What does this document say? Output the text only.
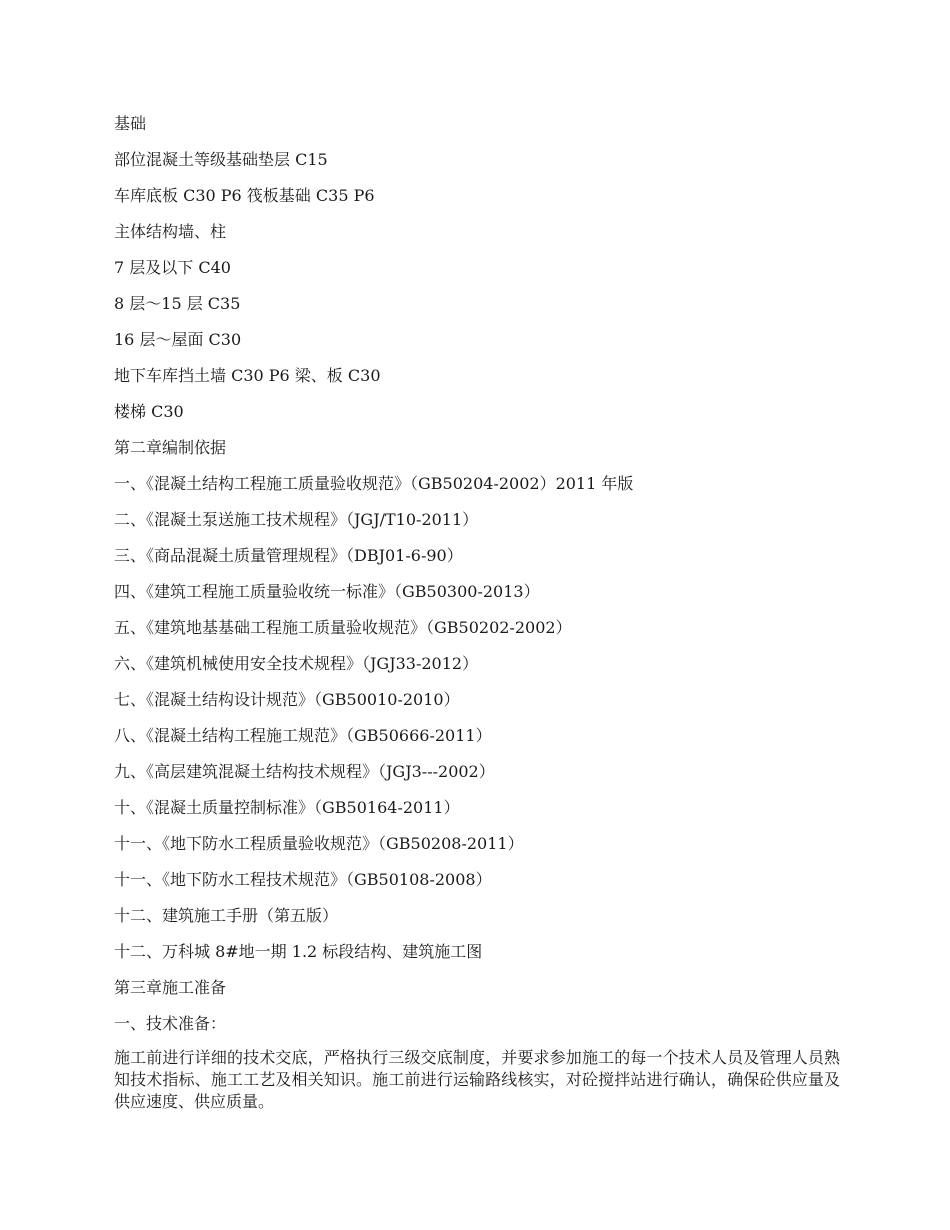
基础
部位混凝土等级基础垫层 C15
车库底板 C30 P6 筏板基础 C35 P6
主体结构墙、柱
7 层及以下 C40
8 层～15 层 C35
16 层～屋面 C30
地下车库挡土墙 C30 P6 梁、板 C30
楼梯 C30
第二章编制依据
一、《混凝土结构工程施工质量验收规范》（GB50204-2002）2011 年版
二、《混凝土泵送施工技术规程》（JGJ/T10-2011）
三、《商品混凝土质量管理规程》（DBJ01-6-90）
四、《建筑工程施工质量验收统一标准》（GB50300-2013）
五、《建筑地基基础工程施工质量验收规范》（GB50202-2002）
六、《建筑机械使用安全技术规程》（JGJ33-2012）
七、《混凝土结构设计规范》（GB50010-2010）
八、《混凝土结构工程施工规范》（GB50666-2011）
九、《高层建筑混凝土结构技术规程》（JGJ3---2002）
十、《混凝土质量控制标准》（GB50164-2011）
十一、《地下防水工程质量验收规范》（GB50208-2011）
十一、《地下防水工程技术规范》（GB50108-2008）
十二、建筑施工手册（第五版）
十二、万科城 8#地一期 1.2 标段结构、建筑施工图
第三章施工准备
一、技术准备：
施工前进行详细的技术交底，严格执行三级交底制度，并要求参加施工的每一个技术人员及管理人员熟知技术指标、施工工艺及相关知识。施工前进行运输路线核实，对砼搅拌站进行确认，确保砼供应量及供应速度、供应质量。
